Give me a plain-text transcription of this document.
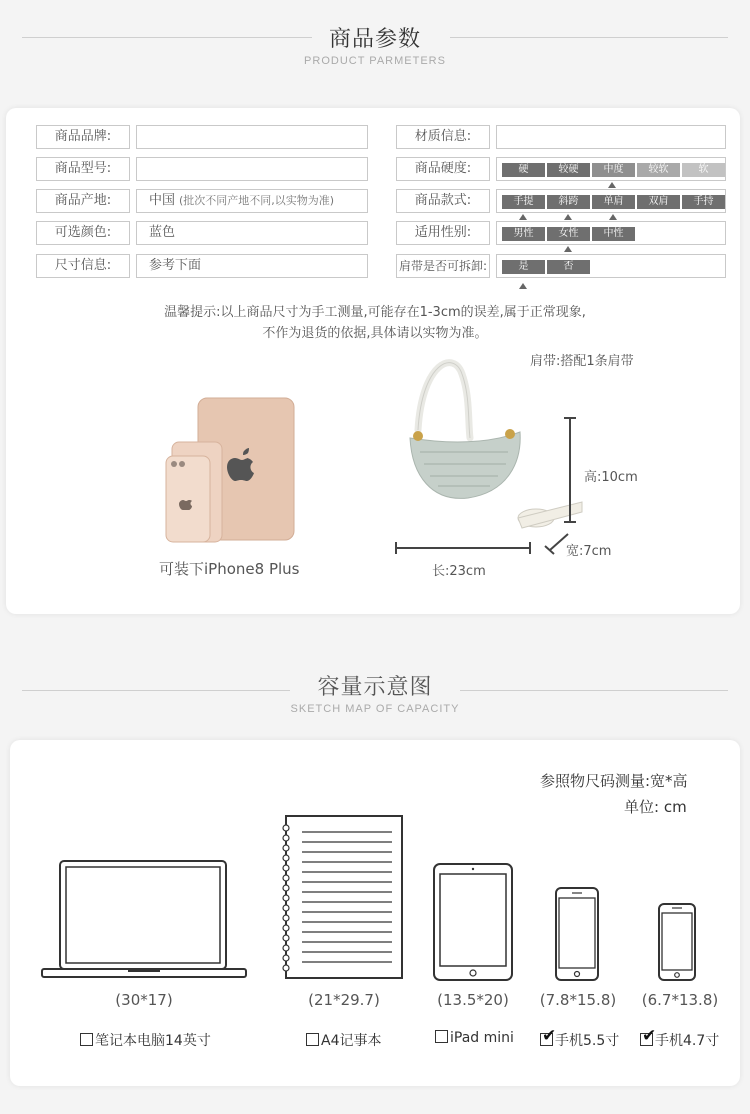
商品参数
PRODUCT PARMETERS
商品品牌:
商品型号:
商品产地:	中国 (批次不同产地不同,以实物为准)
可选颜色:	蓝色
尺寸信息:	参考下面
材质信息:
商品硬度:	硬	较硬	中度	较软	软
商品款式:	手提	斜跨	单肩	双肩	手持
适用性别:	男性	女性	中性
肩带是否可拆卸:	是	否
温馨提示:以上商品尺寸为手工测量,可能存在1-3cm的误差,属于正常现象,
不作为退货的依据,具体请以实物为准。
可装下iPhone8 Plus
肩带:搭配1条肩带
高:10cm
宽:7cm
长:23cm
容量示意图
SKETCH MAP OF CAPACITY
参照物尺码测量:宽*高
单位: cm
(30*17)	(21*29.7)	(13.5*20)	(7.8*15.8) (6.7*13.8)
笔记本电脑14英寸	A4记事本	iPad mini ✔
手机5.5寸 ✔
手机4.7寸
